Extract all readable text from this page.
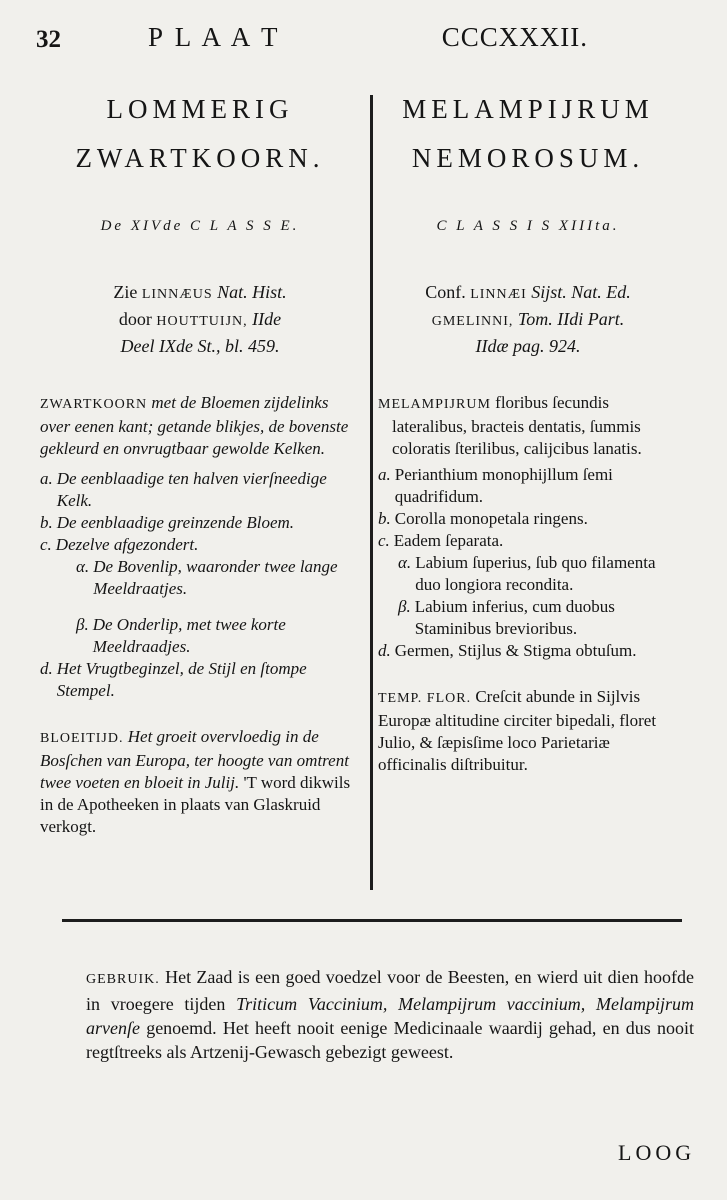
32	P L A A T	CCCXXXII.
LOMMERIG
ZWARTKOORN.
De XIVde C L A S S E.
Zie LINNÆUS Nat. Hist.
door HOUTTUIJN, IIde
Deel IXde St., bl. 459.

ZWARTKOORN met de Bloemen zijdelinks over eenen kant; getande blikjes, de bovenste gekleurd en onvrugtbaar gewolde Kelken.

a. De eenblaadige ten halven vierſneedige Kelk.
b. De eenblaadige greinzende Bloem.
c. Dezelve afgezondert.
α. De Bovenlip, waaronder twee lange Meeldraatjes.
β. De Onderlip, met twee korte Meeldraadjes.
d. Het Vrugtbeginzel, de Stijl en ſtompe Stempel.

BLOEITIJD. Het groeit overvloedig in de Bosſchen van Europa, ter hoogte van omtrent twee voeten en bloeit in Julij. 'T word dikwils in de Apotheeken in plaats van Glaskruid verkogt.

MELAMPIJRUM
NEMOROSUM.
C L A S S I S XIIIta.
Conf. LINNÆI Sijst. Nat. Ed.
GMELINNI, Tom. IIdi Part.
IIdæ pag. 924.

MELAMPIJRUM floribus ſecundis lateralibus, bracteis dentatis, ſummis coloratis ſterilibus, calijcibus lanatis.

a. Perianthium monophijllum ſemi quadrifidum.
b. Corolla monopetala ringens.
c. Eadem ſeparata.
α. Labium ſuperius, ſub quo filamenta duo longiora recondita.
β. Labium inferius, cum duobus Staminibus brevioribus.
d. Germen, Stijlus & Stigma obtuſum.

TEMP. FLOR. Creſcit abunde in Sijlvis Europæ altitudine circiter bipedali, floret Julio, & ſæpisſime loco Parietariæ officinalis diſtribuitur.

GEBRUIK. Het Zaad is een goed voedzel voor de Beesten, en wierd uit dien hoofde in vroegere tijden Triticum Vaccinium, Melampijrum vaccinium, Melampijrum arvenſe genoemd. Het heeft nooit eenige Medicinaale waardij gehad, en dus nooit regtſtreeks als Artzenij-Gewasch gebezigt geweest.
LOOG
